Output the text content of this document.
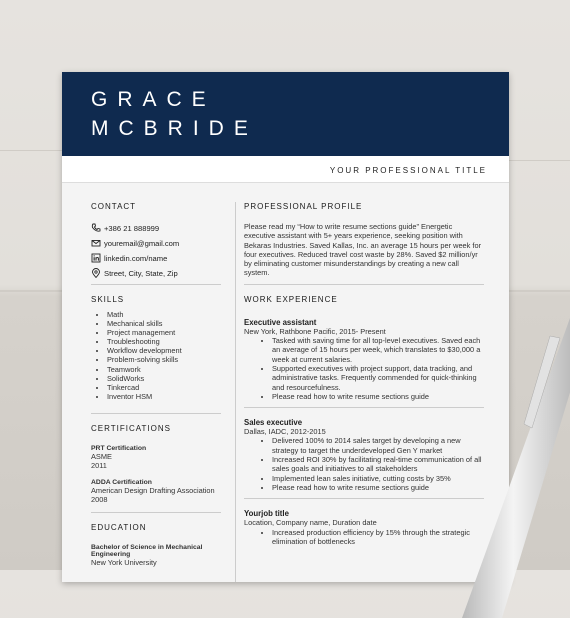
GRACE
MCBRIDE
YOUR PROFESSIONAL TITLE
CONTACT
+386 21 888999
youremail@gmail.com
linkedin.com/name
Street, City, State, Zip
SKILLS
• Math
• Mechanical skills
• Project management
• Troubleshooting
• Workflow development
• Problem-solving skills
• Teamwork
• SolidWorks
• Tinkercad
• Inventor HSM
CERTIFICATIONS
PRT Certification
ASME
2011
ADDA Certification
American Design Drafting Association
2008
EDUCATION
Bachelor of Science in Mechanical Engineering
New York University
PROFESSIONAL PROFILE
Please read my “How to write resume sections guide” Energetic executive assistant with 5+ years experience, seeking position with Bekaras Industries. Saved Kallas, Inc. an average 15 hours per week for four executives. Reduced travel cost waste by 28%. Saved $2 million/yr by eliminating customer misunderstandings by creating a new call system.
WORK EXPERIENCE
Executive assistant
New York, Rathbone Pacific, 2015- Present
• Tasked with saving time for all top-level executives. Saved each an average of 15 hours per week, which translates to $30,000 a week at current salaries.
• Supported executives with project support, data tracking, and administrative tasks. Frequently commended for quick-thinking and resourcefulness.
• Please read how to write resume sections guide
Sales executive
Dallas, IADC, 2012-2015
• Delivered 100% to 2014 sales target by developing a new strategy to target the underdeveloped Gen Y market
• Increased ROI 30% by facilitating real-time communication of all sales goals and initiatives to all stakeholders
• Implemented lean sales initiative, cutting costs by 35%
• Please read how to write resume sections guide
Yourjob title
Location, Company name, Duration date
• Increased production efficiency by 15% through the strategic elimination of bottlenecks
